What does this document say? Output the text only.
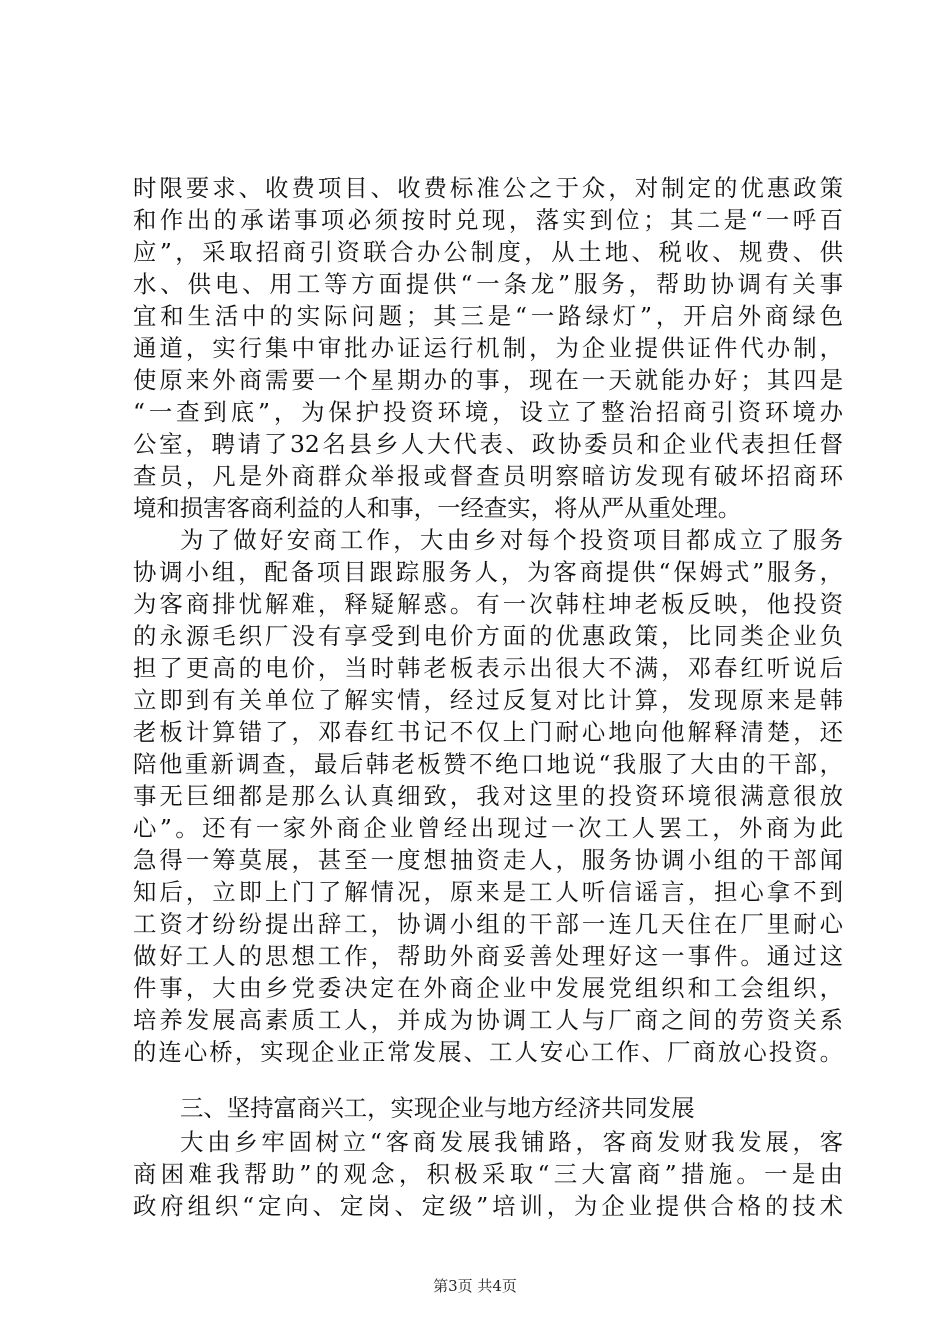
时限要求、收费项目、收费标准公之于众，对制定的优惠政策
和作出的承诺事项必须按时兑现，落实到位；其二是“一呼百
应”，采取招商引资联合办公制度，从土地、税收、规费、供
水、供电、用工等方面提供“一条龙”服务，帮助协调有关事
宜和生活中的实际问题；其三是“一路绿灯”，开启外商绿色
通道，实行集中审批办证运行机制，为企业提供证件代办制，
使原来外商需要一个星期办的事，现在一天就能办好；其四是
“一查到底”，为保护投资环境，设立了整治招商引资环境办
公室，聘请了32名县乡人大代表、政协委员和企业代表担任督
查员，凡是外商群众举报或督查员明察暗访发现有破坏招商环
境和损害客商利益的人和事，一经查实，将从严从重处理。
为了做好安商工作，大由乡对每个投资项目都成立了服务
协调小组，配备项目跟踪服务人，为客商提供“保姆式”服务，
为客商排忧解难，释疑解惑。有一次韩柱坤老板反映，他投资
的永源毛织厂没有享受到电价方面的优惠政策，比同类企业负
担了更高的电价，当时韩老板表示出很大不满，邓春红听说后
立即到有关单位了解实情，经过反复对比计算，发现原来是韩
老板计算错了，邓春红书记不仅上门耐心地向他解释清楚，还
陪他重新调查，最后韩老板赞不绝口地说“我服了大由的干部，
事无巨细都是那么认真细致，我对这里的投资环境很满意很放
心”。还有一家外商企业曾经出现过一次工人罢工，外商为此
急得一筹莫展，甚至一度想抽资走人，服务协调小组的干部闻
知后，立即上门了解情况，原来是工人听信谣言，担心拿不到
工资才纷纷提出辞工，协调小组的干部一连几天住在厂里耐心
做好工人的思想工作，帮助外商妥善处理好这一事件。通过这
件事，大由乡党委决定在外商企业中发展党组织和工会组织，
培养发展高素质工人，并成为协调工人与厂商之间的劳资关系
的连心桥，实现企业正常发展、工人安心工作、厂商放心投资。
三、坚持富商兴工，实现企业与地方经济共同发展
大由乡牢固树立“客商发展我铺路，客商发财我发展，客
商困难我帮助”的观念，积极采取“三大富商”措施。一是由
政府组织“定向、定岗、定级”培训，为企业提供合格的技术
第3页 共4页
